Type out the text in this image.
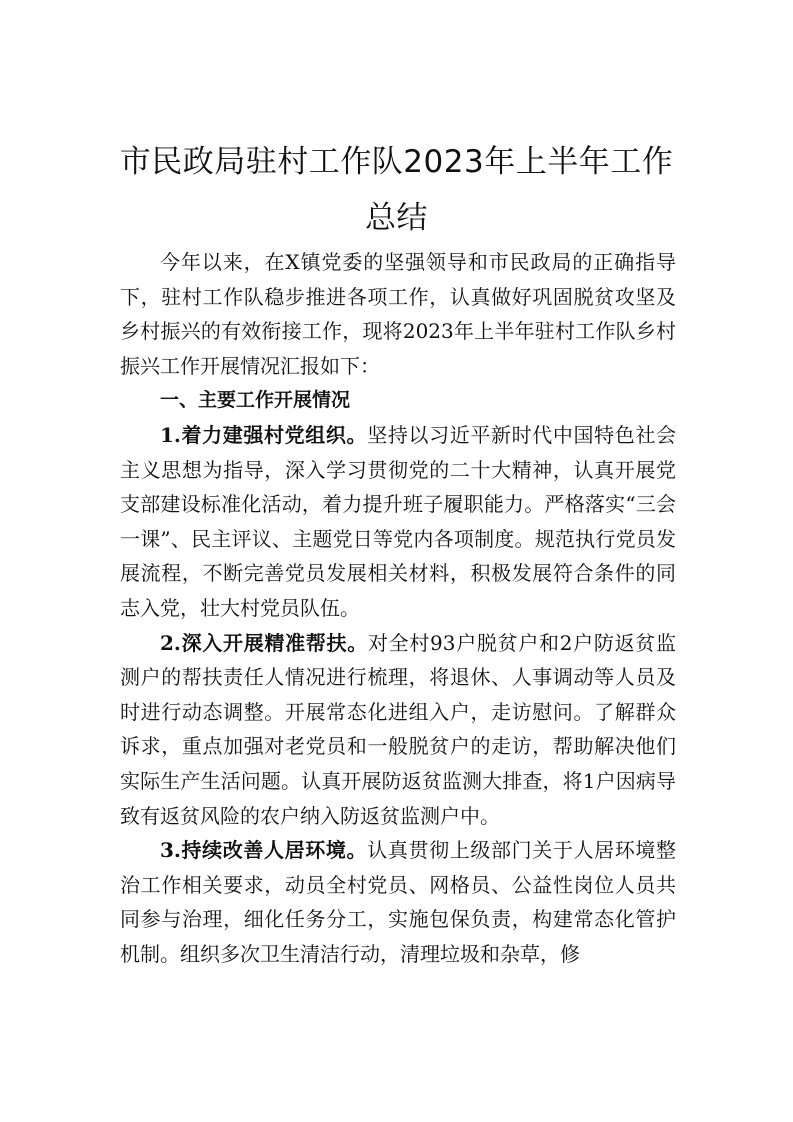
市民政局驻村工作队2023年上半年工作总结

今年以来，在X镇党委的坚强领导和市民政局的正确指导下，驻村工作队稳步推进各项工作，认真做好巩固脱贫攻坚及乡村振兴的有效衔接工作，现将2023年上半年驻村工作队乡村振兴工作开展情况汇报如下：

一、主要工作开展情况

1.着力建强村党组织。坚持以习近平新时代中国特色社会主义思想为指导，深入学习贯彻党的二十大精神，认真开展党支部建设标准化活动，着力提升班子履职能力。严格落实“三会一课”、民主评议、主题党日等党内各项制度。规范执行党员发展流程，不断完善党员发展相关材料，积极发展符合条件的同志入党，壮大村党员队伍。

2.深入开展精准帮扶。对全村93户脱贫户和2户防返贫监测户的帮扶责任人情况进行梳理，将退休、人事调动等人员及时进行动态调整。开展常态化进组入户，走访慰问。了解群众诉求，重点加强对老党员和一般脱贫户的走访，帮助解决他们实际生产生活问题。认真开展防返贫监测大排查，将1户因病导致有返贫风险的农户纳入防返贫监测户中。

3.持续改善人居环境。认真贯彻上级部门关于人居环境整治工作相关要求，动员全村党员、网格员、公益性岗位人员共同参与治理，细化任务分工，实施包保负责，构建常态化管护机制。组织多次卫生清洁行动，清理垃圾和杂草，修
